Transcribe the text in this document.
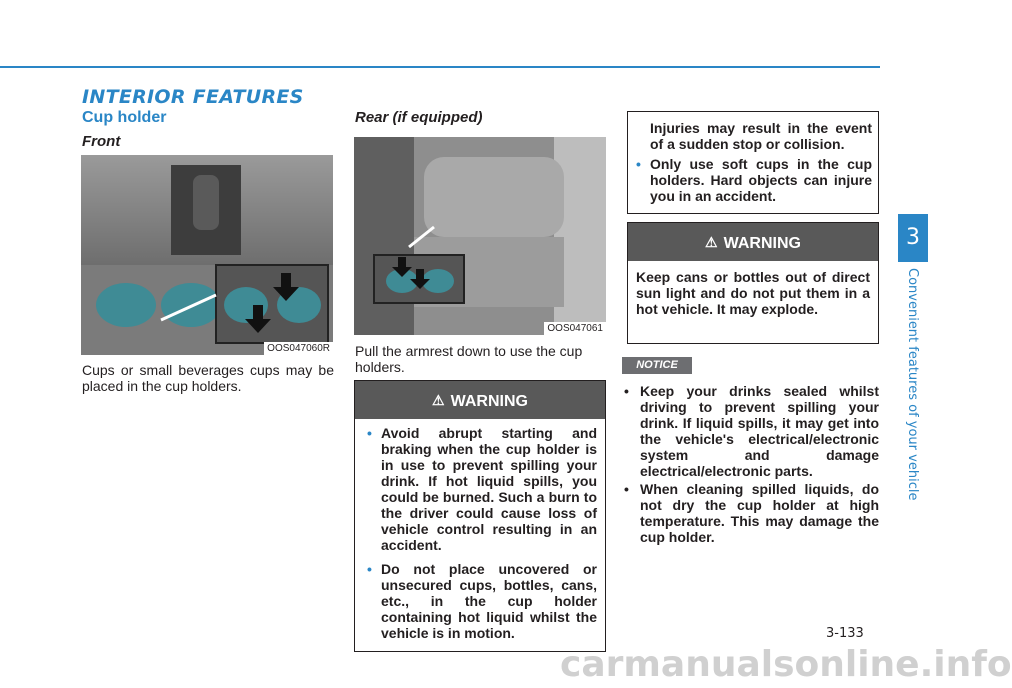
INTERIOR FEATURES
Cup holder
Front
OOS047060R
Cups or small beverages cups may be placed in the cup holders.
Rear (if equipped)
OOS047061
Pull the armrest down to use the cup holders.
⚠ WARNING
• Avoid abrupt starting and braking when the cup holder is in use to prevent spilling your drink. If hot liquid spills, you could be burned. Such a burn to the driver could cause loss of vehicle control resulting in an accident.
• Do not place uncovered or unsecured cups, bottles, cans, etc., in the cup holder containing hot liquid whilst the vehicle is in motion.
Injuries may result in the event of a sudden stop or collision.
• Only use soft cups in the cup holders. Hard objects can injure you in an accident.
⚠ WARNING
Keep cans or bottles out of direct sun light and do not put them in a hot vehicle. It may explode.
NOTICE
• Keep your drinks sealed whilst driving to prevent spilling your drink. If liquid spills, it may get into the vehicle's electrical/electronic system and damage electrical/electronic parts.
• When cleaning spilled liquids, do not dry the cup holder at high temperature. This may damage the cup holder.
3
Convenient features of your vehicle
3-133
carmanualsonline.info
